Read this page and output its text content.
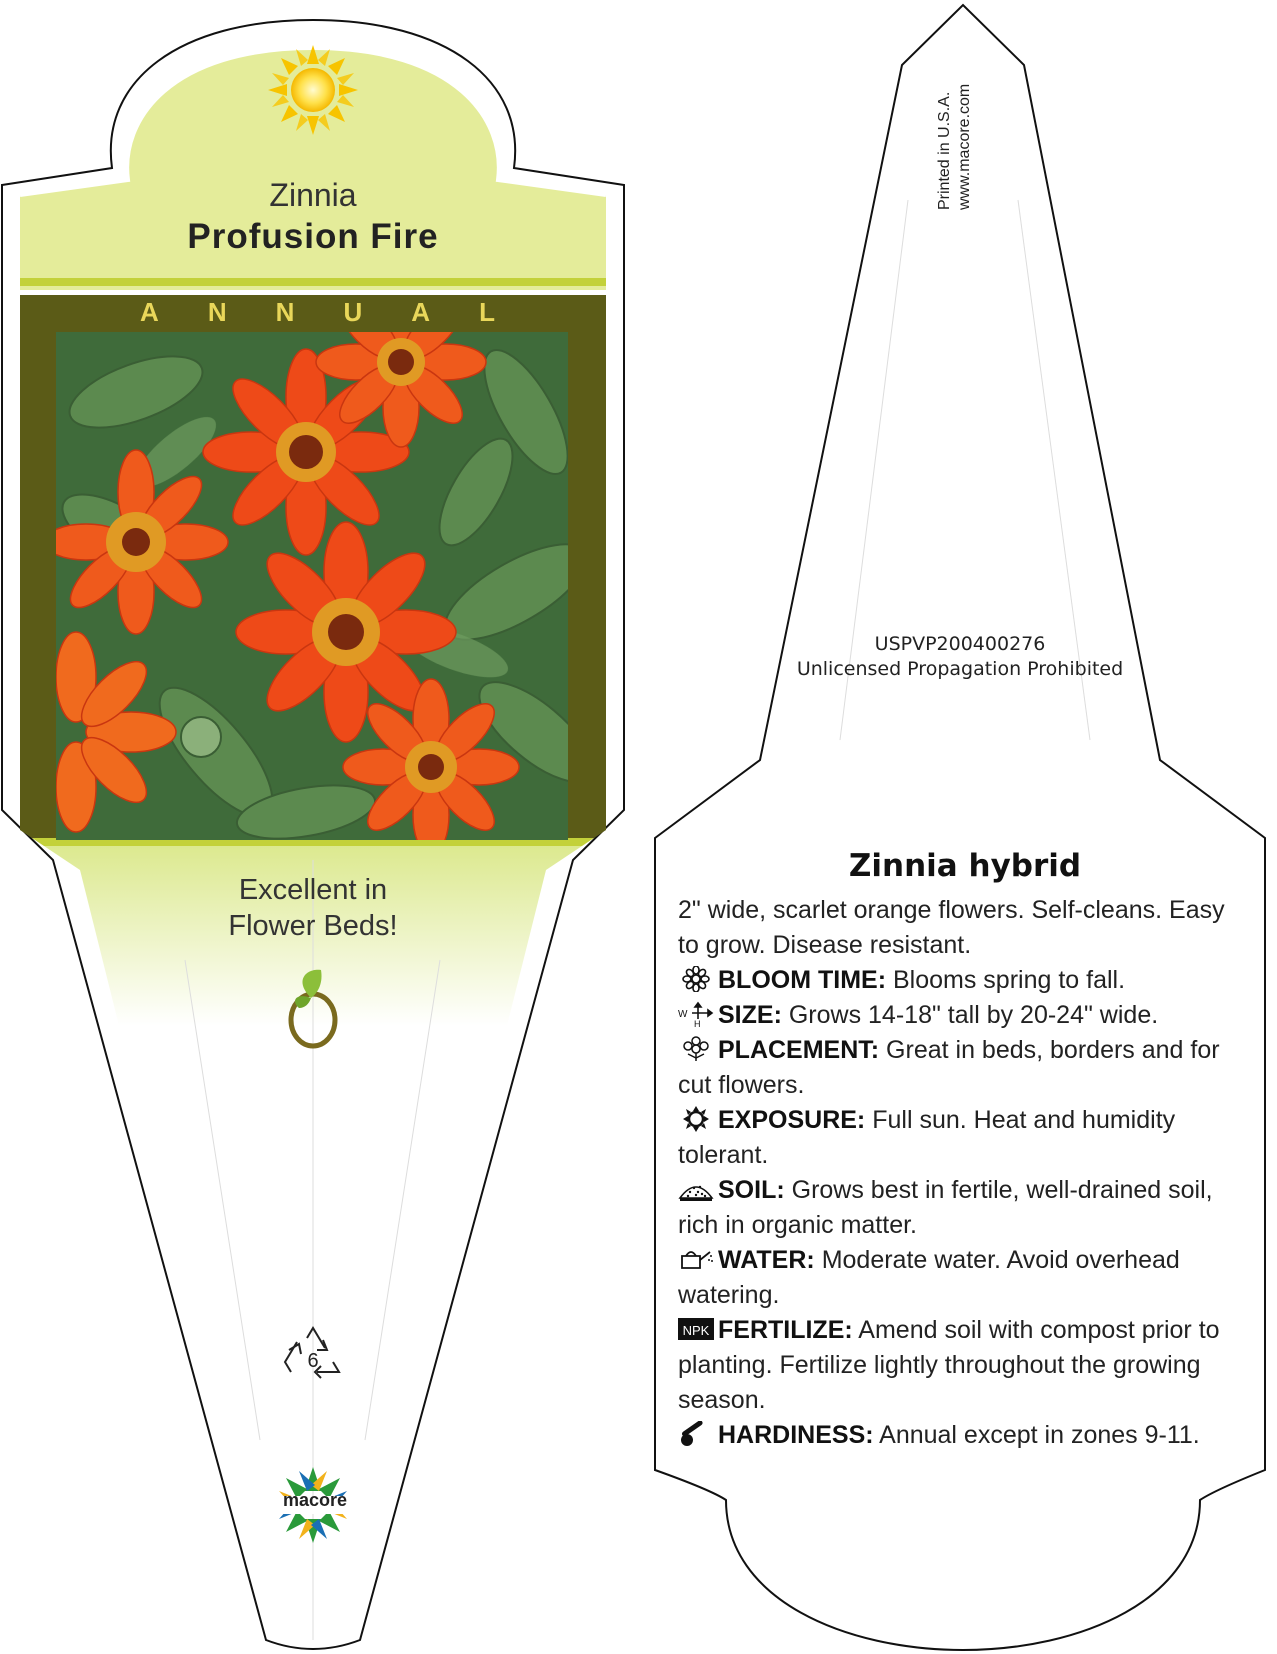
Zinnia
Profusion Fire
A N N U A L
Excellent in
Flower Beds!
6
macore
Printed in U.S.A. www.macore.com
USPVP200400276
Unlicensed Propagation Prohibited
Zinnia hybrid

2" wide, scarlet orange flowers. Self-cleans. Easy to grow. Disease resistant.

BLOOM TIME: Blooms spring to fall.

W
H SIZE: Grows 14-18" tall by 20-24" wide.

PLACEMENT: Great in beds, borders and for cut flowers.

EXPOSURE: Full sun. Heat and humidity tolerant.

SOIL: Grows best in fertile, well-drained soil, rich in organic matter.

WATER: Moderate water. Avoid overhead watering.

NPK FERTILIZE: Amend soil with compost prior to planting. Fertilize lightly throughout the growing season.

HARDINESS: Annual except in zones 9-11.
